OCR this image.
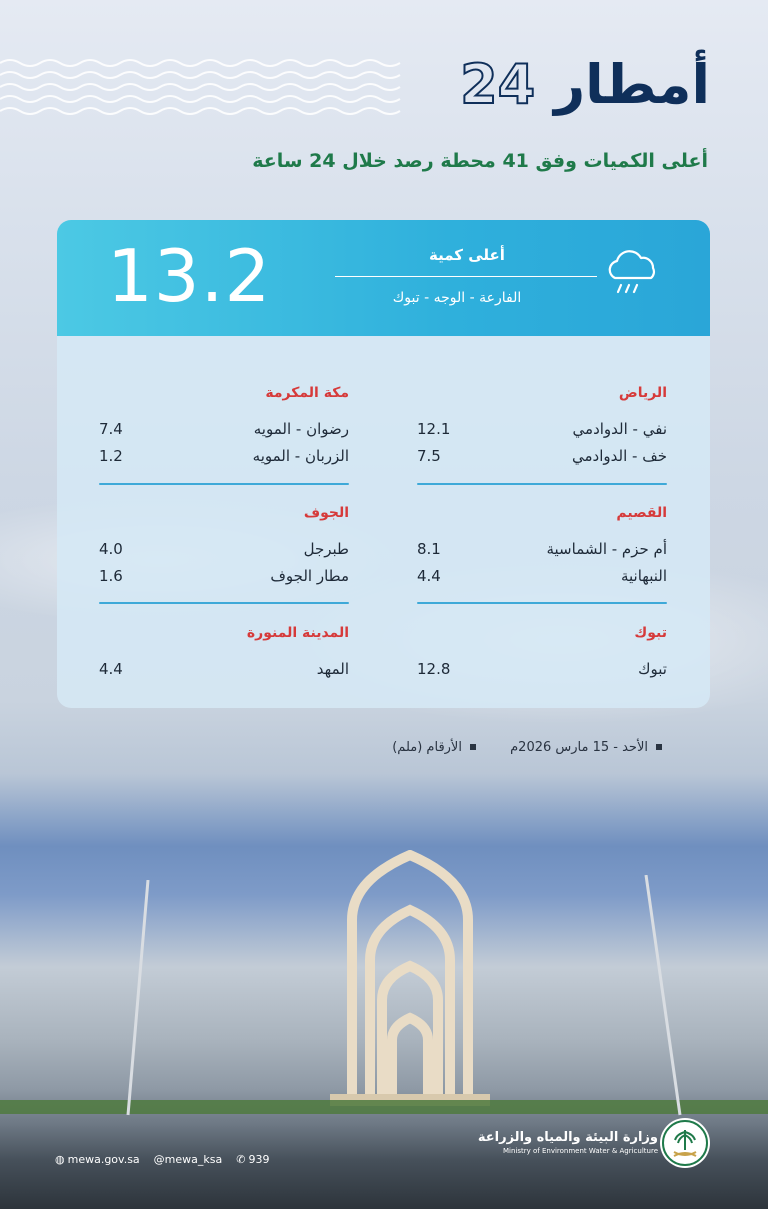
أمطار 24
أعلى الكميات وفق 41 محطة رصد خلال 24 ساعة
13.2	أعلى كمية
الفارعة - الوجه - تبوك
الرياض
نفي - الدوادمي
12.1
خف - الدوادمي
7.5
القصيم
أم حزم - الشماسية
8.1
النبهانية
4.4
تبوك
تبوك
12.8
مكة المكرمة
رضوان - المويه
7.4
الزربان - المويه
1.2
الجوف
طبرجل
4.0
مطار الجوف
1.6
المدينة المنورة
المهد
4.4
الأحد - 15 مارس 2026م الأرقام (ملم)
وزارة البيئة والمياه والزراعة
Ministry of Environment Water & Agriculture
◍ mewa.gov.sa @mewa_ksa ✆ 939
